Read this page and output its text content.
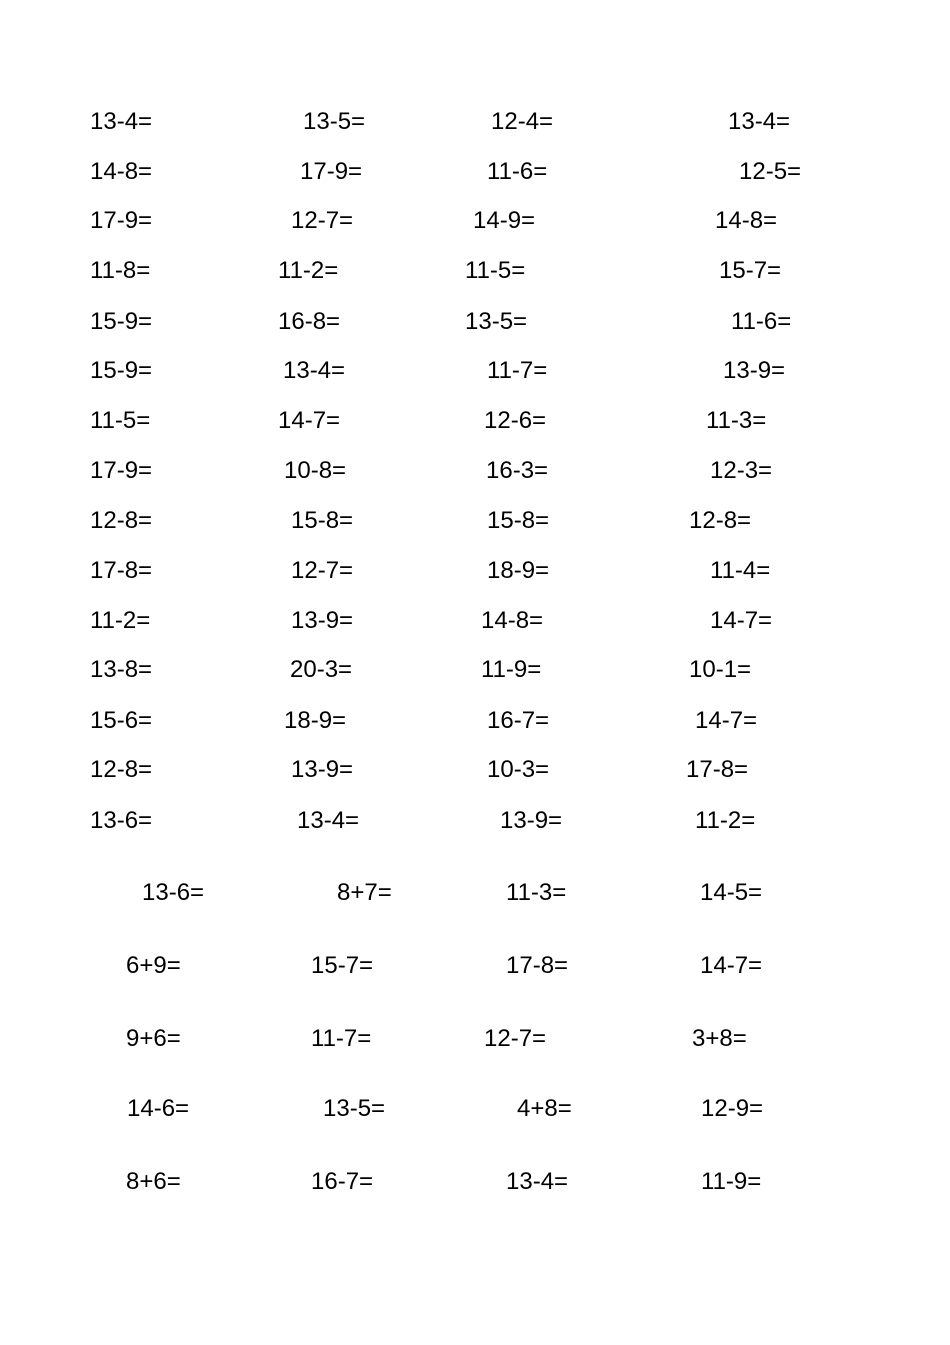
13-4=	13-5=	12-4=	13-4=
14-8=	17-9=	11-6=	12-5=
17-9=	12-7=	14-9=	14-8=
11-8=	11-2=	11-5=	15-7=
15-9=	16-8=	13-5=	11-6=
15-9=	13-4=	11-7=	13-9=
11-5=	14-7=	12-6=	11-3=
17-9=	10-8=	16-3=	12-3=
12-8=	15-8=	15-8=	12-8=
17-8=	12-7=	18-9=	11-4=
11-2=	13-9=	14-8=	14-7=
13-8=	20-3=	11-9=	10-1=
15-6=	18-9=	16-7=	14-7=
12-8=	13-9=	10-3=	17-8=
13-6=	13-4=	13-9=	11-2=
13-6=	8+7=	11-3=	14-5=
6+9=	15-7=	17-8=	14-7=
9+6=	11-7=	12-7=	3+8=
14-6=	13-5=	4+8=	12-9=
8+6=	16-7=	13-4=	11-9=
